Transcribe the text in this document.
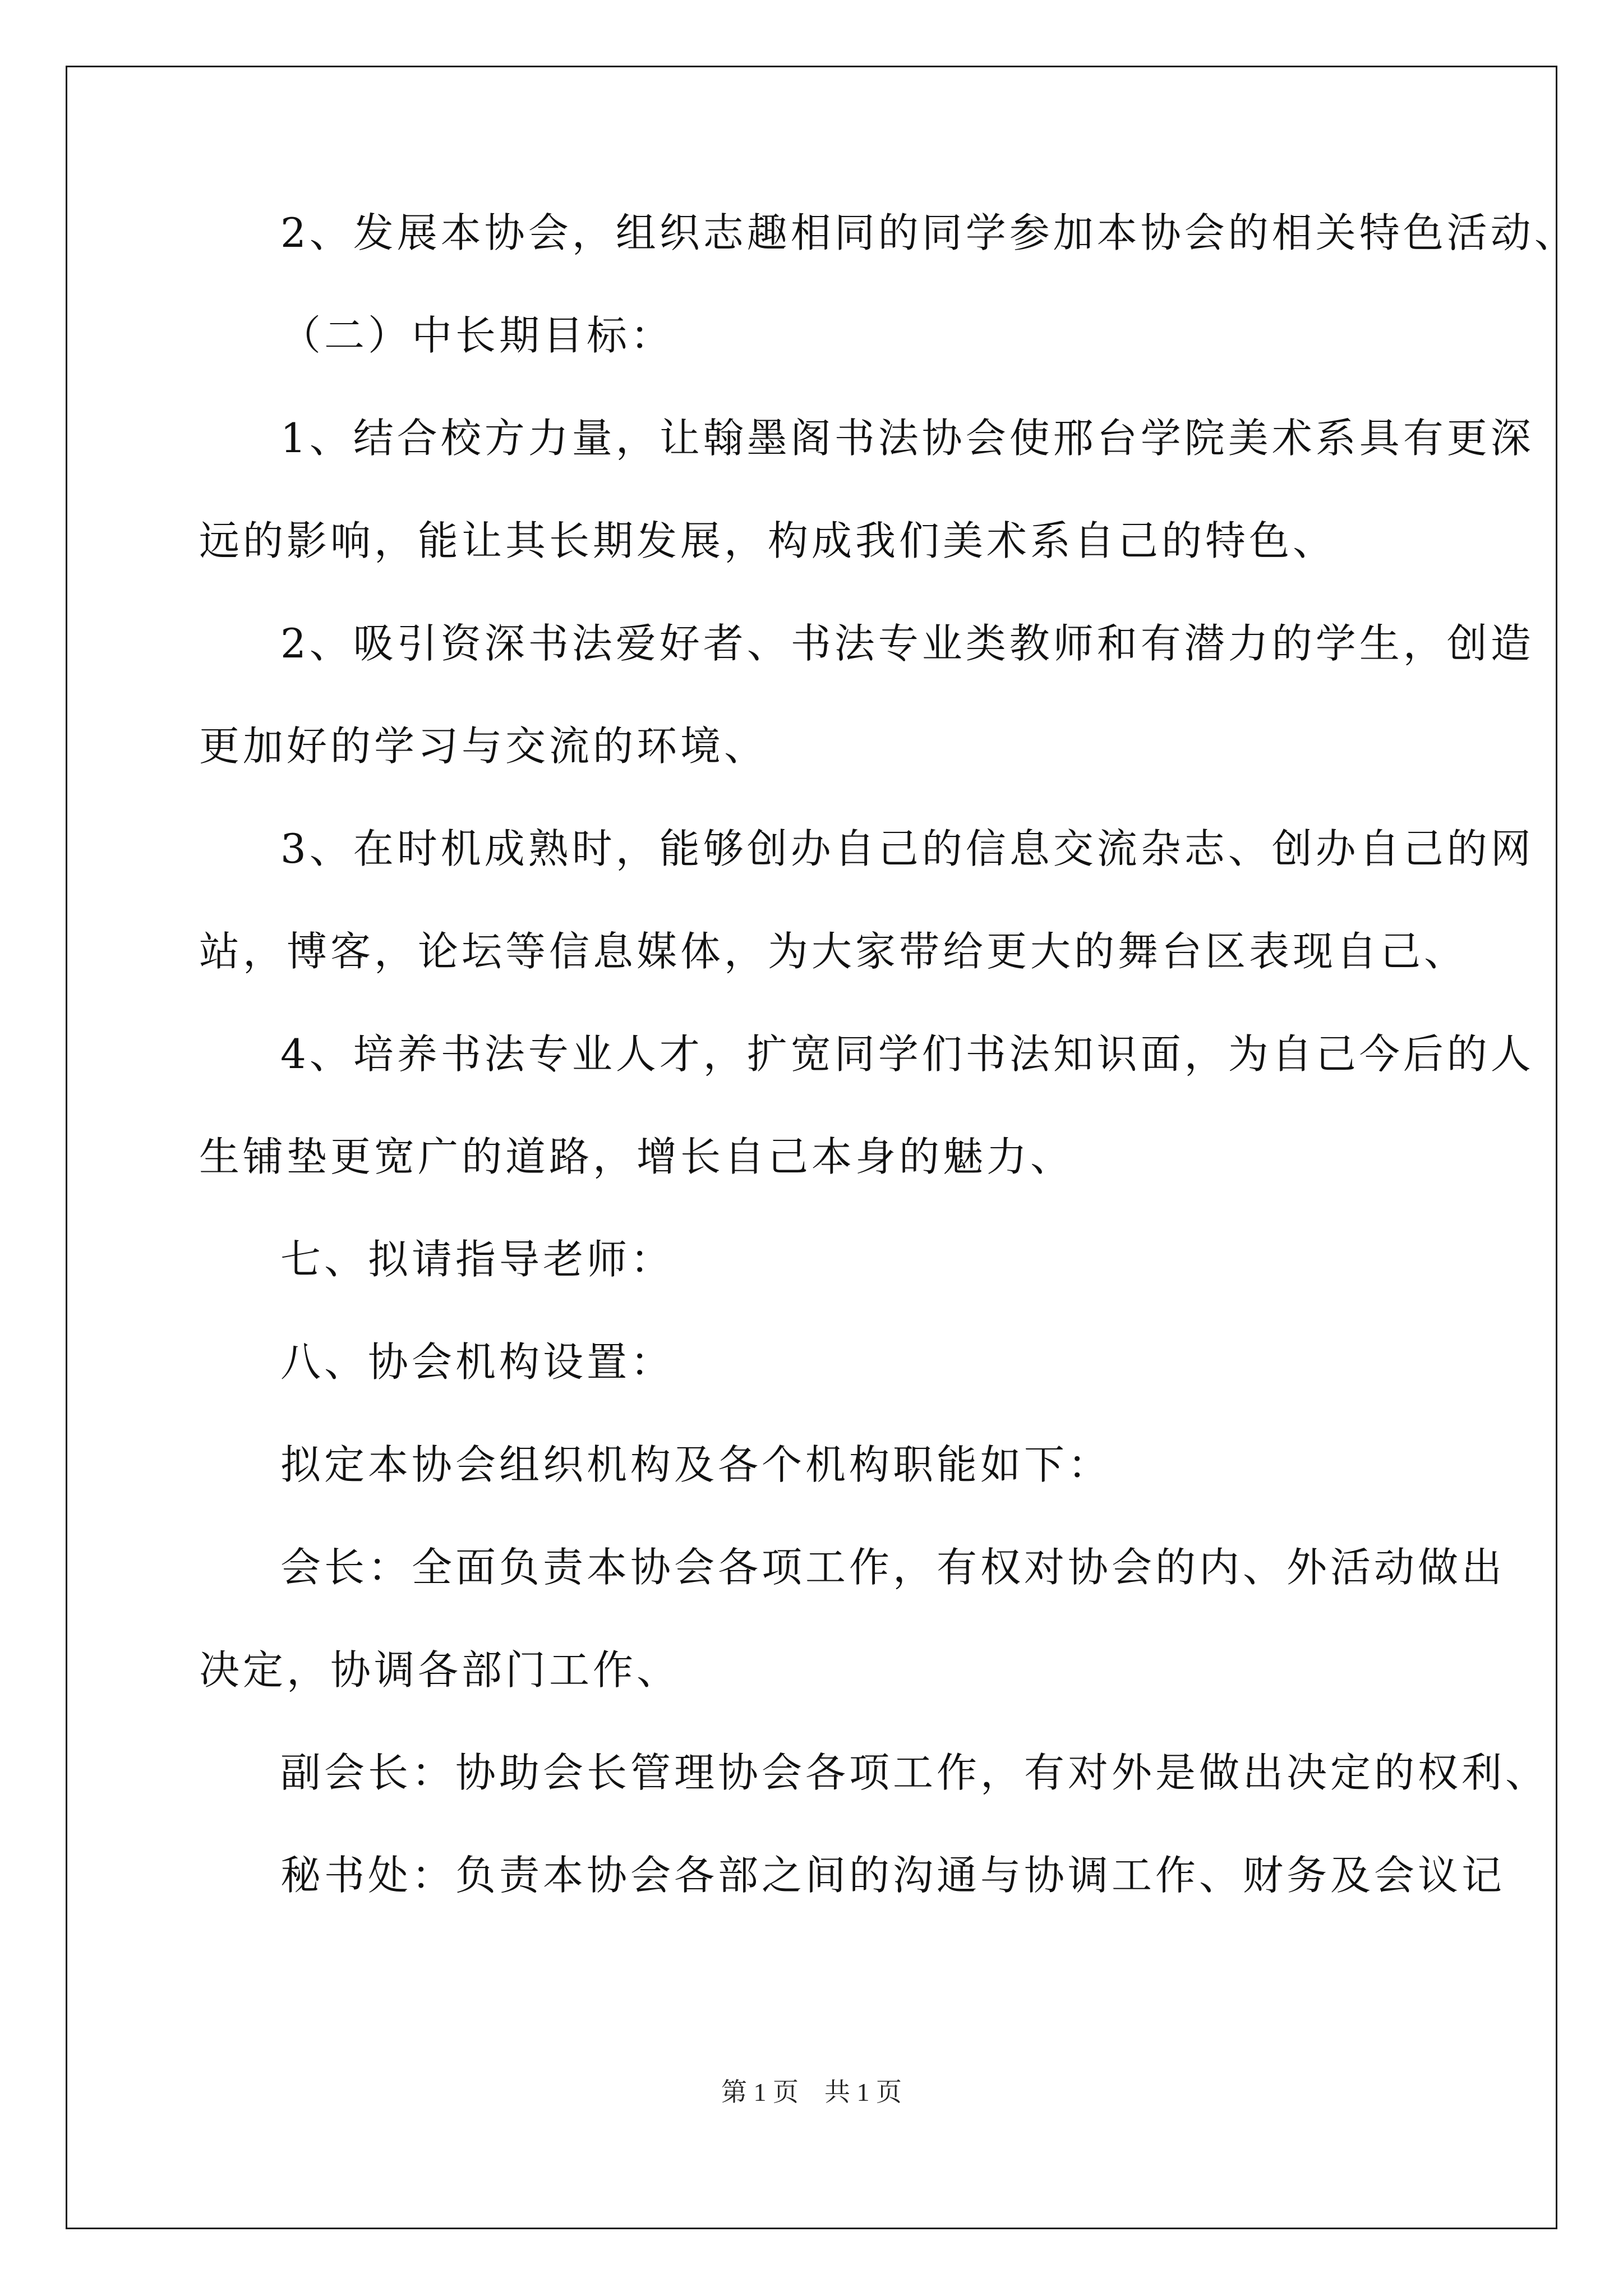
2、发展本协会，组织志趣相同的同学参加本协会的相关特色活动、
（二）中长期目标：
1、结合校方力量，让翰墨阁书法协会使邢台学院美术系具有更深
远的影响，能让其长期发展，构成我们美术系自己的特色、
2、吸引资深书法爱好者、书法专业类教师和有潜力的学生，创造
更加好的学习与交流的环境、
3、在时机成熟时，能够创办自己的信息交流杂志、创办自己的网
站，博客，论坛等信息媒体，为大家带给更大的舞台区表现自己、
4、培养书法专业人才，扩宽同学们书法知识面，为自己今后的人
生铺垫更宽广的道路，增长自己本身的魅力、
七、拟请指导老师：
八、协会机构设置：
拟定本协会组织机构及各个机构职能如下：
会长：全面负责本协会各项工作，有权对协会的内、外活动做出
决定，协调各部门工作、
副会长：协助会长管理协会各项工作，有对外是做出决定的权利、
秘书处：负责本协会各部之间的沟通与协调工作、财务及会议记
第 1 页　共 1 页
